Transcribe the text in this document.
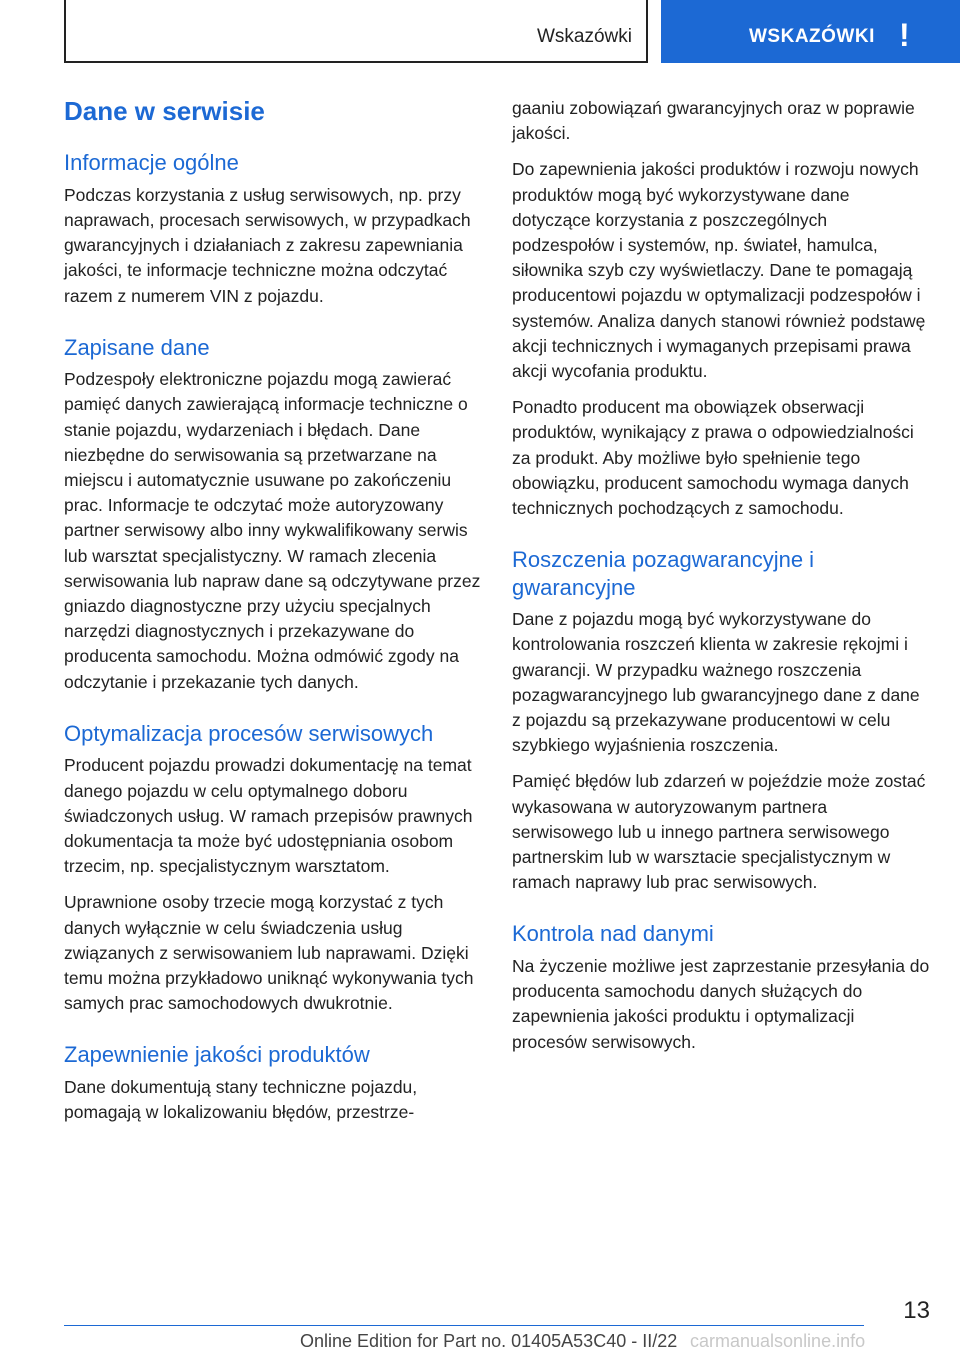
Wskazówki	WSKAZÓWKI !
Dane w serwisie
Informacje ogólne

Podczas korzystania z usług serwisowych, np. przy naprawach, procesach serwisowych, w przypadkach gwarancyjnych i działaniach z zakresu zapewniania jakości, te informacje techniczne można odczytać razem z numerem VIN z pojazdu.

Zapisane dane

Podzespoły elektroniczne pojazdu mogą zawierać pamięć danych zawierającą informacje techniczne o stanie pojazdu, wydarzeniach i błędach. Dane niezbędne do serwisowania są przetwarzane na miejscu i automatycznie usuwane po zakończeniu prac. Informacje te odczytać może autoryzowany partner serwisowy albo inny wykwalifikowany serwis lub warsztat specjalistyczny. W ramach zlecenia serwisowania lub napraw dane są odczytywane przez gniazdo diagnostyczne przy użyciu specjalnych narzędzi diagnostycznych i przekazywane do producenta samochodu. Można odmówić zgody na odczytanie i przekazanie tych danych.

Optymalizacja procesów serwisowych

Producent pojazdu prowadzi dokumentację na temat danego pojazdu w celu optymalnego doboru świadczonych usług. W ramach przepisów prawnych dokumentacja ta może być udostępniania osobom trzecim, np. specjalistycznym warsztatom.

Uprawnione osoby trzecie mogą korzystać z tych danych wyłącznie w celu świadczenia usług związanych z serwisowaniem lub naprawami. Dzięki temu można przykładowo uniknąć wykonywania tych samych prac samochodowych dwukrotnie.

Zapewnienie jakości produktów

Dane dokumentują stany techniczne pojazdu, pomagają w lokalizowaniu błędów, przestrze-

gaaniu zobowiązań gwarancyjnych oraz w poprawie jakości.

Do zapewnienia jakości produktów i rozwoju nowych produktów mogą być wykorzystywane dane dotyczące korzystania z poszczególnych podzespołów i systemów, np. świateł, hamulca, siłownika szyb czy wyświetlaczy. Dane te pomagają producentowi pojazdu w optymalizacji podzespołów i systemów. Analiza danych stanowi również podstawę akcji technicznych i wymaganych przepisami prawa akcji wycofania produktu.

Ponadto producent ma obowiązek obserwacji produktów, wynikający z prawa o odpowiedzialności za produkt. Aby możliwe było spełnienie tego obowiązku, producent samochodu wymaga danych technicznych pochodzących z samochodu.

Roszczenia pozagwarancyjne i gwarancyjne

Dane z pojazdu mogą być wykorzystywane do kontrolowania roszczeń klienta w zakresie rękojmi i gwarancji. W przypadku ważnego roszczenia pozagwarancyjnego lub gwarancyjnego dane z dane z pojazdu są przekazywane producentowi w celu szybkiego wyjaśnienia roszczenia.

Pamięć błędów lub zdarzeń w pojeździe może zostać wykasowana w autoryzowanym partnera serwisowego lub u innego partnera serwisowego partnerskim lub w warsztacie specjalistycznym w ramach naprawy lub prac serwisowych.

Kontrola nad danymi

Na życzenie możliwe jest zaprzestanie przesyłania do producenta samochodu danych służących do zapewnienia jakości produktu i optymalizacji procesów serwisowych.

13
Online Edition for Part no. 01405A53C40 - II/22 carmanualsonline.info
